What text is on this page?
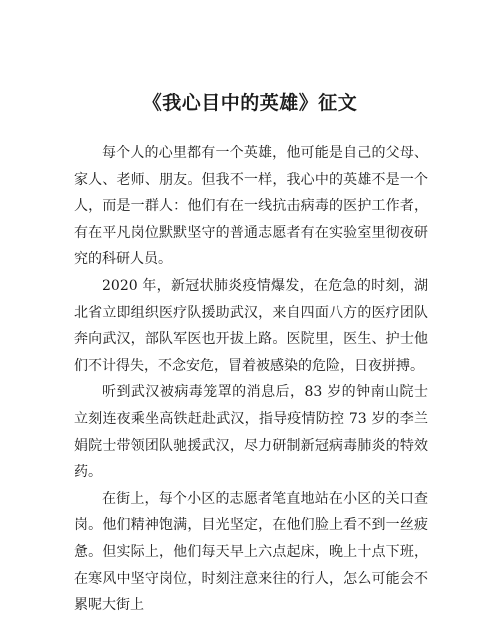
《我心目中的英雄》征文

每个人的心里都有一个英雄，他可能是自己的父母、家人、老师、朋友。但我不一样，我心中的英雄不是一个人，而是一群人：他们有在一线抗击病毒的医护工作者，有在平凡岗位默默坚守的普通志愿者有在实验室里彻夜研究的科研人员。

2020 年，新冠状肺炎疫情爆发，在危急的时刻，湖北省立即组织医疗队援助武汉，来自四面八方的医疗团队奔向武汉，部队军医也开拔上路。医院里，医生、护士他们不计得失，不念安危，冒着被感染的危险，日夜拼搏。

听到武汉被病毒笼罩的消息后，83 岁的钟南山院士立刻连夜乘坐高铁赶赴武汉，指导疫情防控 73 岁的李兰娟院士带领团队驰援武汉，尽力研制新冠病毒肺炎的特效药。

在街上，每个小区的志愿者笔直地站在小区的关口查岗。他们精神饱满，目光坚定，在他们脸上看不到一丝疲惫。但实际上，他们每天早上六点起床，晚上十点下班，在寒风中坚守岗位，时刻注意来往的行人，怎么可能会不累呢大街上
